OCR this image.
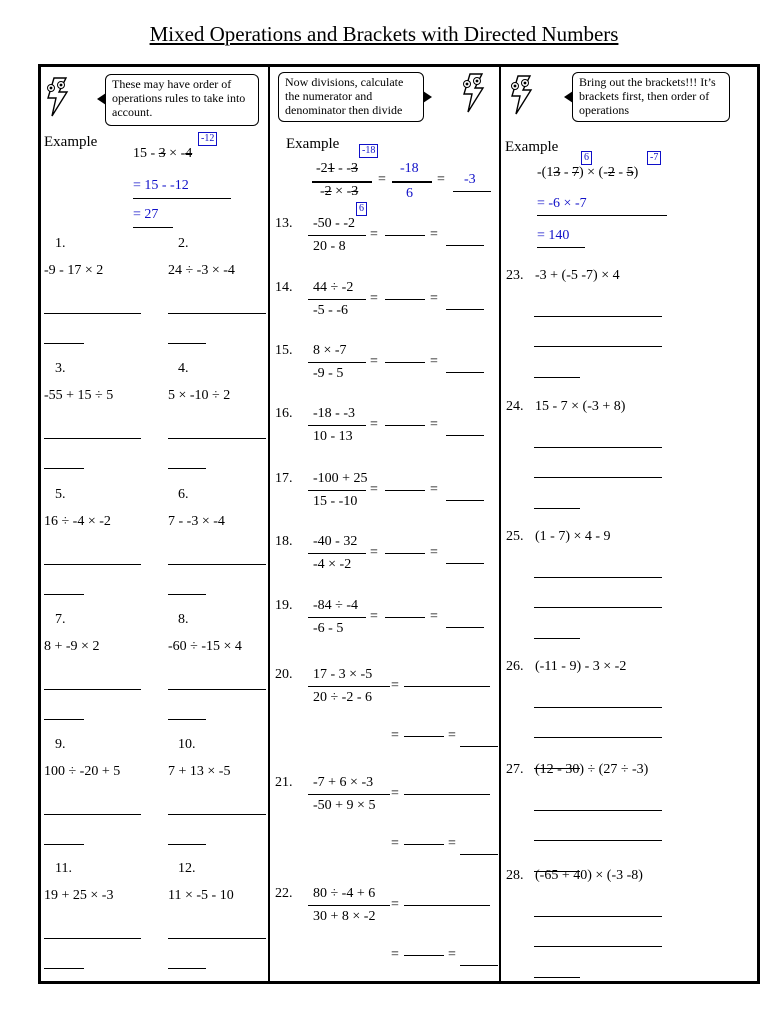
Mixed Operations and Brackets with Directed Numbers
These may have order of operations rules to take into account.
Example
15 - 3 × -4
-12
= 15 - -12
= 27
1.
-9 - 17 × 2
2.
24 ÷ -3 × -4
3.
-55 + 15 ÷ 5
4.
5 × -10 ÷ 2
5.
16 ÷ -4 × -2
6.
7 - -3 × -4
7.
8 + -9 × 2
8.
-60 ÷ -15 × 4
9.
100 ÷ -20 + 5
10.
7 + 13 × -5
11.
19 + 25 × -3
12.
11 × -5 - 10
Now divisions, calculate the numerator and denominator then divide
Example	-18
-21 - -3
-2 × -3
6
=
-18
6
= -3
13. -50 - -2
20 - 8
=	=
14. 44 ÷ -2
-5 - -6
=	=
15. 8 × -7
-9 - 5
=	=
16. -18 - -3
10 - 13
=	=
17. -100 + 25
15 - -10
=	=
18. -40 - 32
-4 × -2
=	=
19. -84 ÷ -4
-6 - 5
=	=
20. 17 - 3 × -5
20 ÷ -2 - 6
=
=	=
21. -7 + 6 × -3
-50 + 9 × 5
=
=	=
22. 80 ÷ -4 + 6
30 + 8 × -2
=
=	=
Bring out the brackets!!! It’s brackets first, then order of operations
Example
6	-7
-(13 - 7) × (-2 - 5)
= -6 × -7
= 140
23. -3 + (-5 -7) × 4
24. 15 - 7 × (-3 + 8)
25. (1 - 7) × 4 - 9
26. (-11 - 9) - 3 × -2
27. (12 - 30) ÷ (27 ÷ -3)
28. (-65 + 40) × (-3 -8)
